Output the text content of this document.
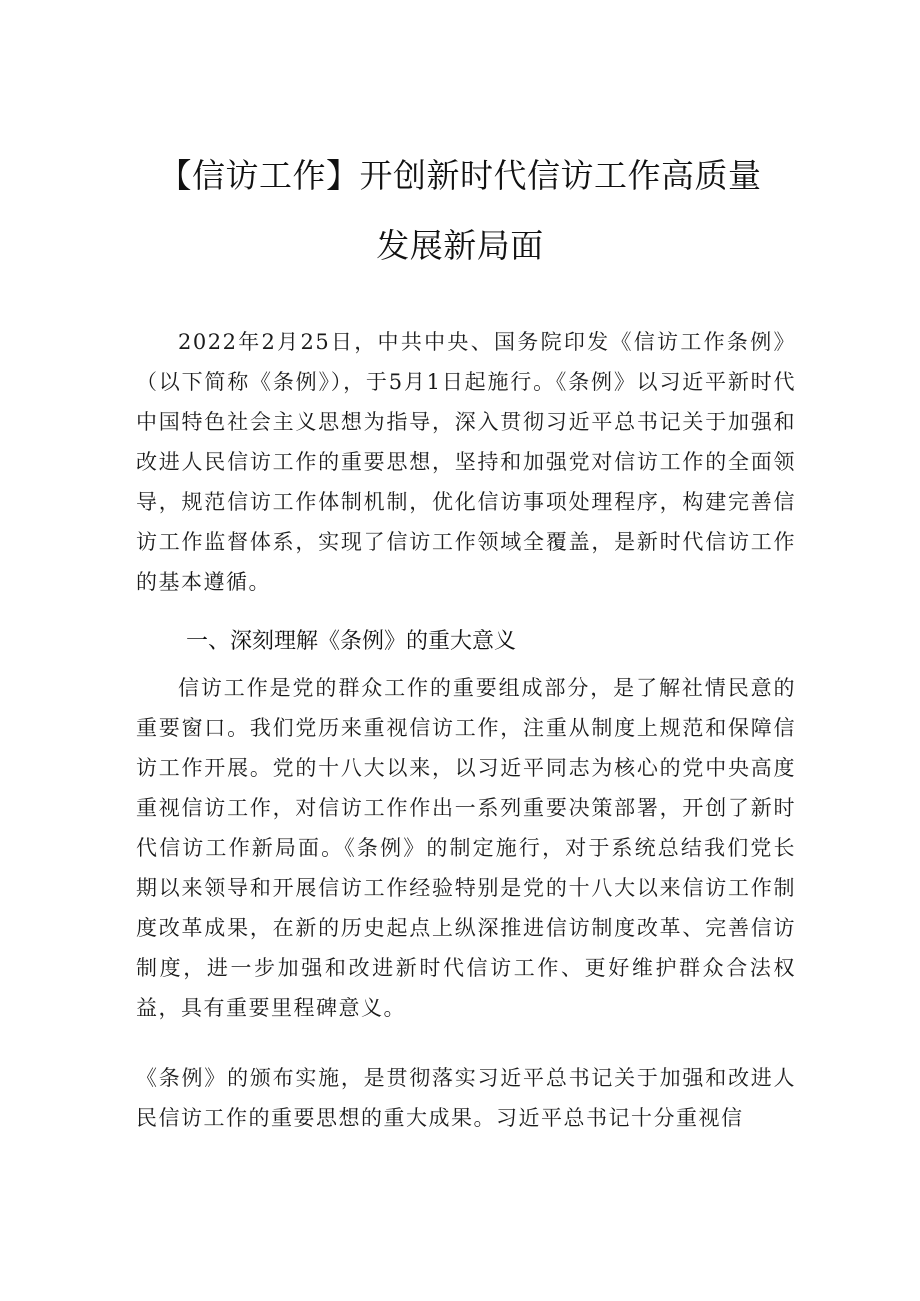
【信访工作】开创新时代信访工作高质量
发展新局面
2022年2月25日，中共中央、国务院印发《信访工作条例》（以下简称《条例》），于5月1日起施行。《条例》以习近平新时代中国特色社会主义思想为指导，深入贯彻习近平总书记关于加强和改进人民信访工作的重要思想，坚持和加强党对信访工作的全面领导，规范信访工作体制机制，优化信访事项处理程序，构建完善信访工作监督体系，实现了信访工作领域全覆盖，是新时代信访工作的基本遵循。
一、深刻理解《条例》的重大意义
信访工作是党的群众工作的重要组成部分，是了解社情民意的重要窗口。我们党历来重视信访工作，注重从制度上规范和保障信访工作开展。党的十八大以来，以习近平同志为核心的党中央高度重视信访工作，对信访工作作出一系列重要决策部署，开创了新时代信访工作新局面。《条例》的制定施行，对于系统总结我们党长期以来领导和开展信访工作经验特别是党的十八大以来信访工作制度改革成果，在新的历史起点上纵深推进信访制度改革、完善信访制度，进一步加强和改进新时代信访工作、更好维护群众合法权益，具有重要里程碑意义。
《条例》的颁布实施，是贯彻落实习近平总书记关于加强和改进人民信访工作的重要思想的重大成果。习近平总书记十分重视信
